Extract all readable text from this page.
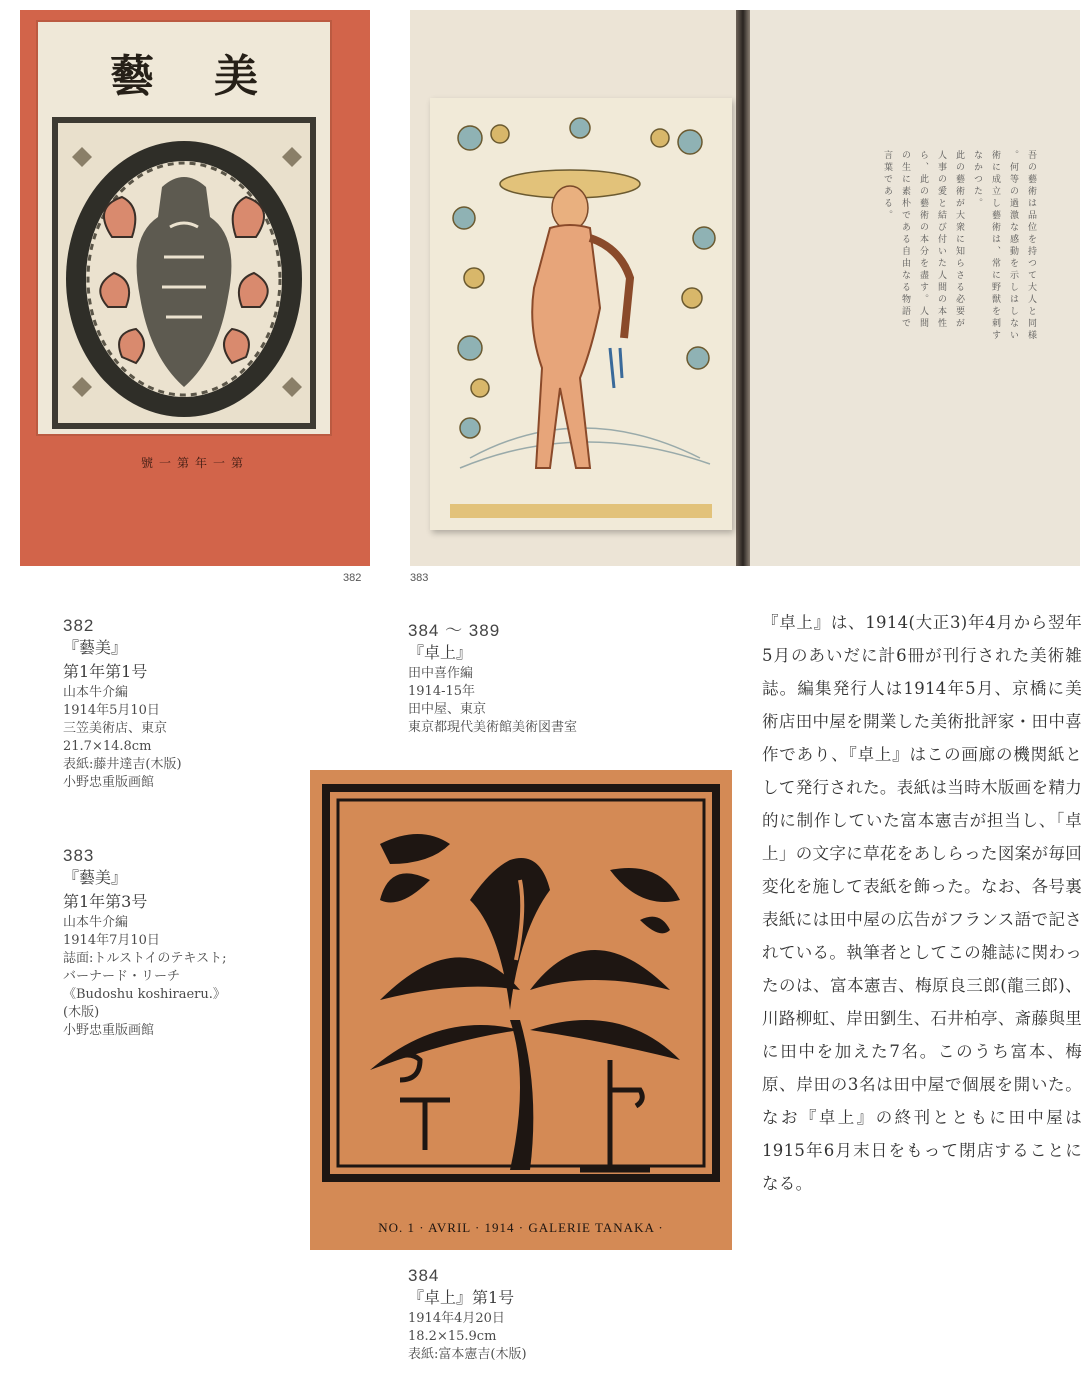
藝美
號一第年一第
382
吾の藝術は品位を持つて大人と同様
。何等の過激な感動を示しはしない
術に成立し藝術は、常に野獣を刺す
なかつた。
此の藝術が大衆に知らさる必要が
人事の愛と結び付いた人間の本性
ら、此の藝術の本分を盡す。人間
の生に素朴である自由なる物語で
言葉である。
383
382
『藝美』
第1年第1号
山本牛介編
1914年5月10日
三笠美術店、東京
21.7×14.8cm
表紙:藤井達吉(木版)
小野忠重版画館
383
『藝美』
第1年第3号
山本牛介編
1914年7月10日
誌面:トルストイのテキスト;
バーナード・リーチ
《Budoshu koshiraeru.》
(木版)
小野忠重版画館
384 ～ 389
『卓上』
田中喜作編
1914-15年
田中屋、東京
東京都現代美術館美術図書室
NO. 1 · AVRIL · 1914 · GALERIE TANAKA ·
384
『卓上』第1号
1914年4月20日
18.2×15.9cm
表紙:富本憲吉(木版)
『卓上』は、1914(大正3)年4月から翌年5月のあいだに計6冊が刊行された美術雑誌。編集発行人は1914年5月、京橋に美術店田中屋を開業した美術批評家・田中喜作であり、『卓上』はこの画廊の機関紙として発行された。表紙は当時木版画を精力的に制作していた富本憲吉が担当し、「卓上」の文字に草花をあしらった図案が毎回変化を施して表紙を飾った。なお、各号裏表紙には田中屋の広告がフランス語で記されている。執筆者としてこの雑誌に関わったのは、富本憲吉、梅原良三郎(龍三郎)、川路柳虹、岸田劉生、石井柏亭、斎藤與里に田中を加えた7名。このうち富本、梅原、岸田の3名は田中屋で個展を開いた。なお『卓上』の終刊とともに田中屋は1915年6月末日をもって閉店することになる。
